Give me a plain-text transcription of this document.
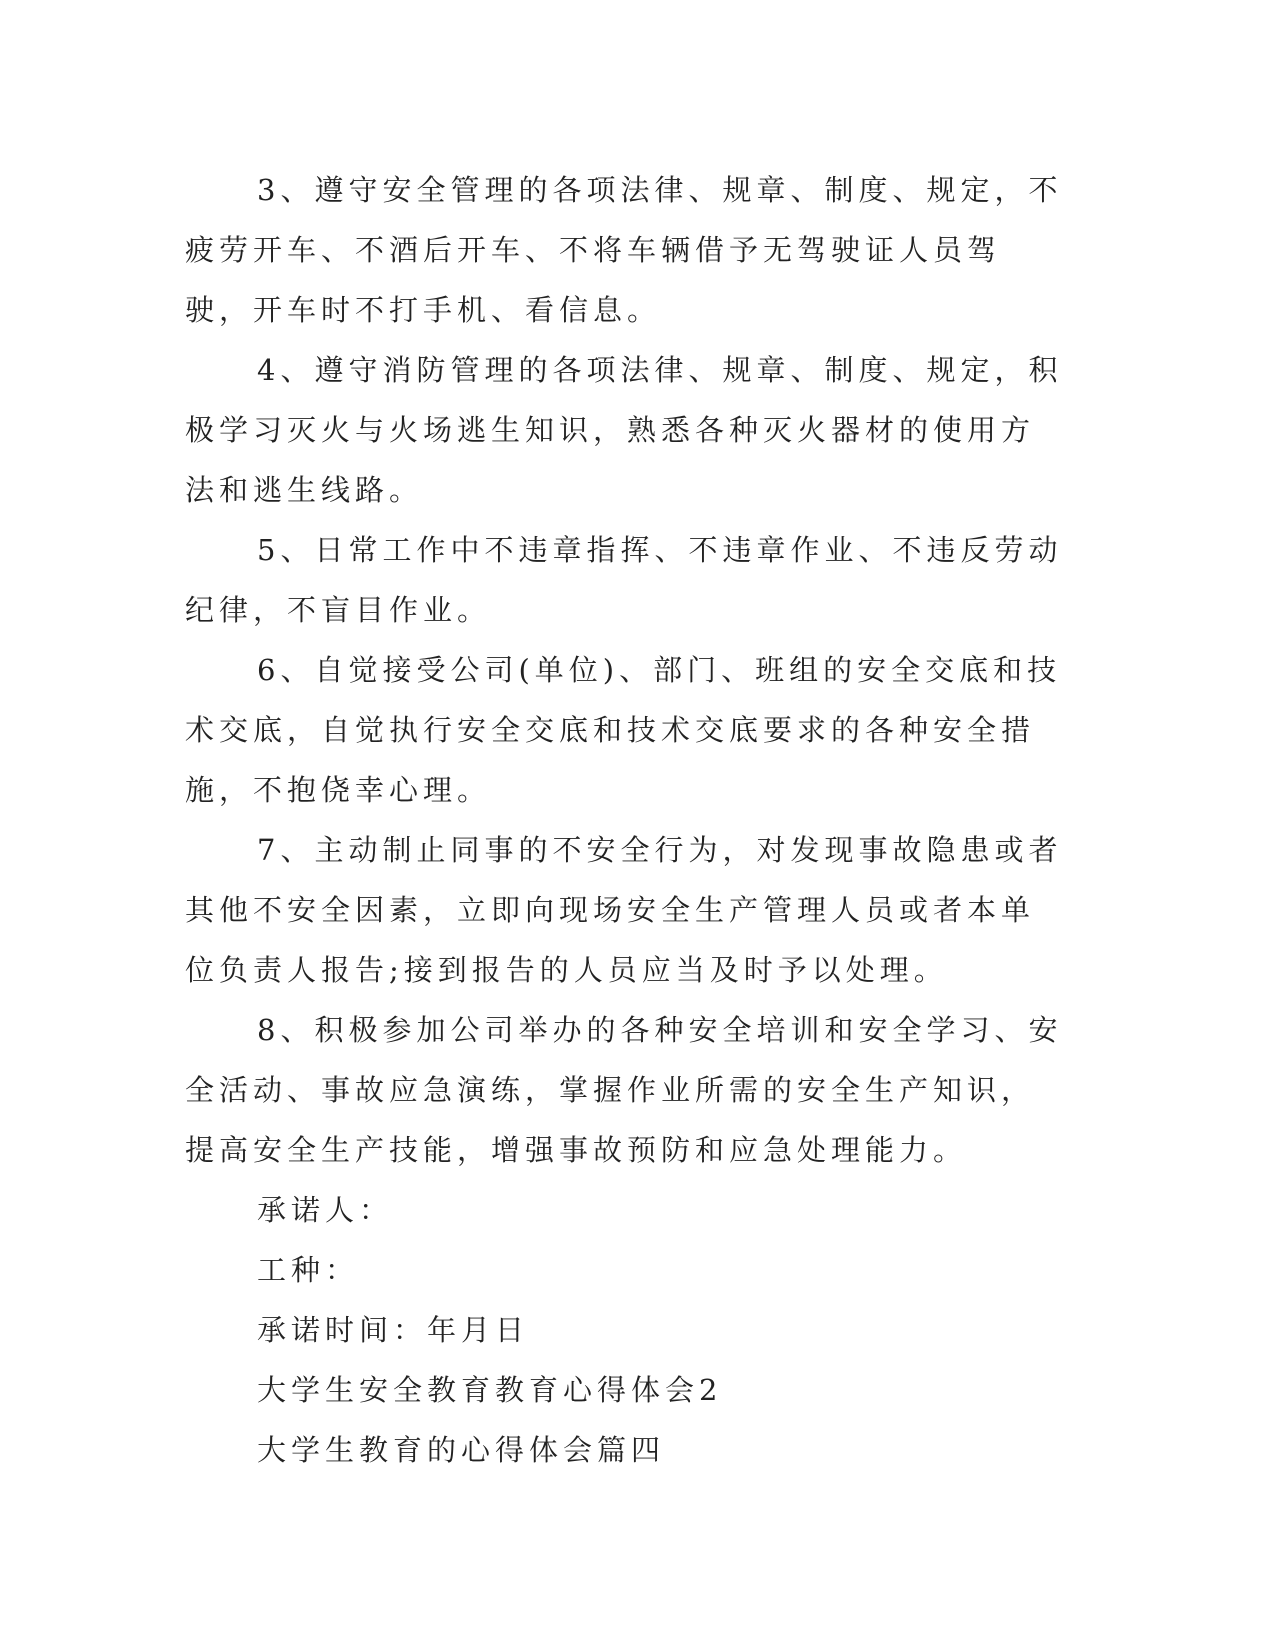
3、遵守安全管理的各项法律、规章、制度、规定，不疲劳开车、不酒后开车、不将车辆借予无驾驶证人员驾驶，开车时不打手机、看信息。

4、遵守消防管理的各项法律、规章、制度、规定，积极学习灭火与火场逃生知识，熟悉各种灭火器材的使用方法和逃生线路。

5、日常工作中不违章指挥、不违章作业、不违反劳动纪律，不盲目作业。

6、自觉接受公司(单位)、部门、班组的安全交底和技术交底，自觉执行安全交底和技术交底要求的各种安全措施，不抱侥幸心理。

7、主动制止同事的不安全行为，对发现事故隐患或者其他不安全因素，立即向现场安全生产管理人员或者本单位负责人报告;接到报告的人员应当及时予以处理。

8、积极参加公司举办的各种安全培训和安全学习、安全活动、事故应急演练，掌握作业所需的安全生产知识，提高安全生产技能，增强事故预防和应急处理能力。

承诺人：

工种：

承诺时间：年月日

大学生安全教育教育心得体会2

大学生教育的心得体会篇四
